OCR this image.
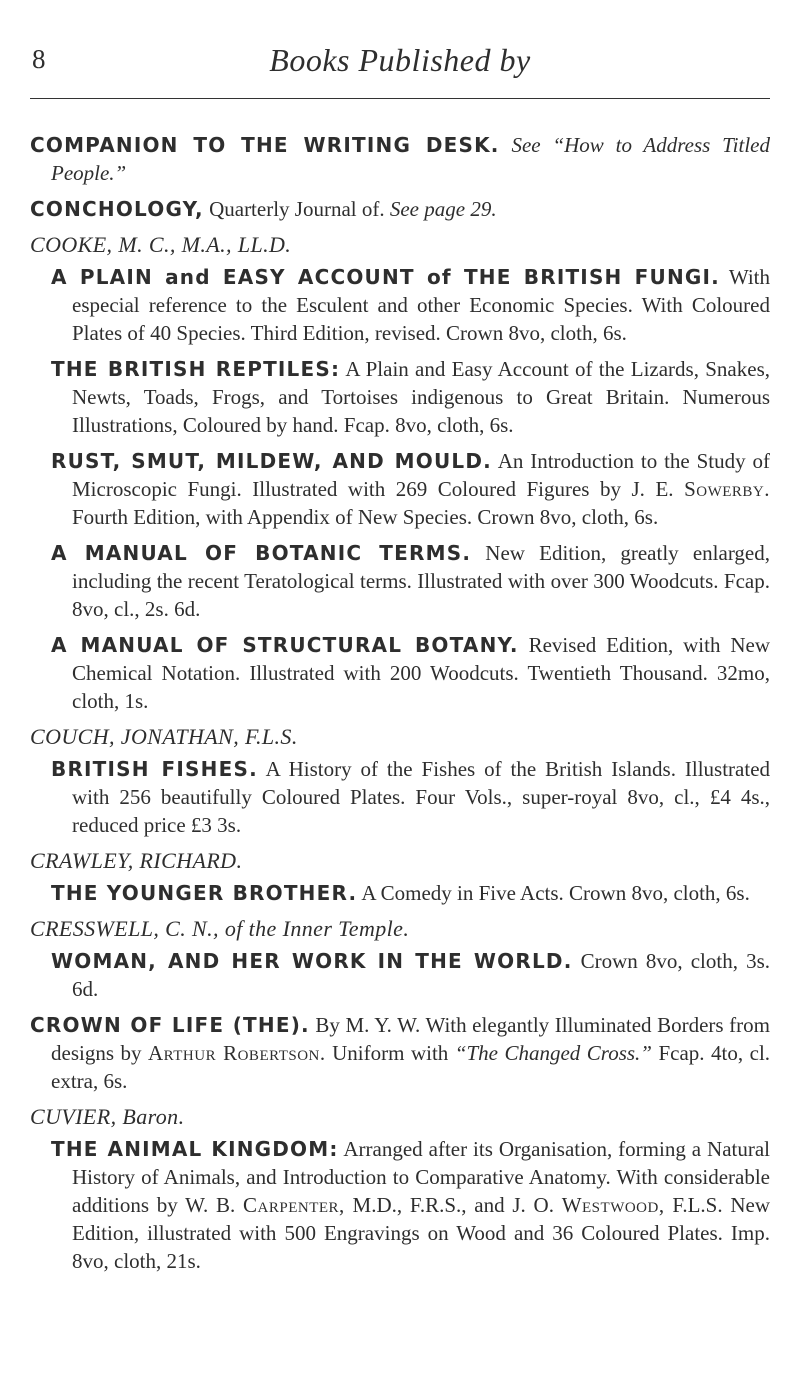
8	Books Published by

COMPANION TO THE WRITING DESK. See “How to Address Titled People.”

CONCHOLOGY, Quarterly Journal of. See page 29.

COOKE, M. C., M.A., LL.D.

A PLAIN and EASY ACCOUNT of THE BRITISH FUNGI. With especial reference to the Esculent and other Economic Species. With Coloured Plates of 40 Species. Third Edition, revised. Crown 8vo, cloth, 6s.

THE BRITISH REPTILES: A Plain and Easy Account of the Lizards, Snakes, Newts, Toads, Frogs, and Tortoises indigenous to Great Britain. Numerous Illustrations, Coloured by hand. Fcap. 8vo, cloth, 6s.

RUST, SMUT, MILDEW, AND MOULD. An Introduction to the Study of Microscopic Fungi. Illustrated with 269 Coloured Figures by J. E. Sowerby. Fourth Edition, with Appendix of New Species. Crown 8vo, cloth, 6s.

A MANUAL OF BOTANIC TERMS. New Edition, greatly enlarged, including the recent Teratological terms. Illustrated with over 300 Woodcuts. Fcap. 8vo, cl., 2s. 6d.

A MANUAL OF STRUCTURAL BOTANY. Revised Edition, with New Chemical Notation. Illustrated with 200 Woodcuts. Twentieth Thousand. 32mo, cloth, 1s.

COUCH, JONATHAN, F.L.S.

BRITISH FISHES. A History of the Fishes of the British Islands. Illustrated with 256 beautifully Coloured Plates. Four Vols., super-royal 8vo, cl., £4 4s., reduced price £3 3s.

CRAWLEY, RICHARD.

THE YOUNGER BROTHER. A Comedy in Five Acts. Crown 8vo, cloth, 6s.

CRESSWELL, C. N., of the Inner Temple.

WOMAN, AND HER WORK IN THE WORLD. Crown 8vo, cloth, 3s. 6d.

CROWN OF LIFE (THE). By M. Y. W. With elegantly Illuminated Borders from designs by Arthur Robertson. Uniform with “The Changed Cross.” Fcap. 4to, cl. extra, 6s.

CUVIER, Baron.

THE ANIMAL KINGDOM: Arranged after its Organisation, forming a Natural History of Animals, and Introduction to Comparative Anatomy. With considerable additions by W. B. Carpenter, M.D., F.R.S., and J. O. Westwood, F.L.S. New Edition, illustrated with 500 Engravings on Wood and 36 Coloured Plates. Imp. 8vo, cloth, 21s.
